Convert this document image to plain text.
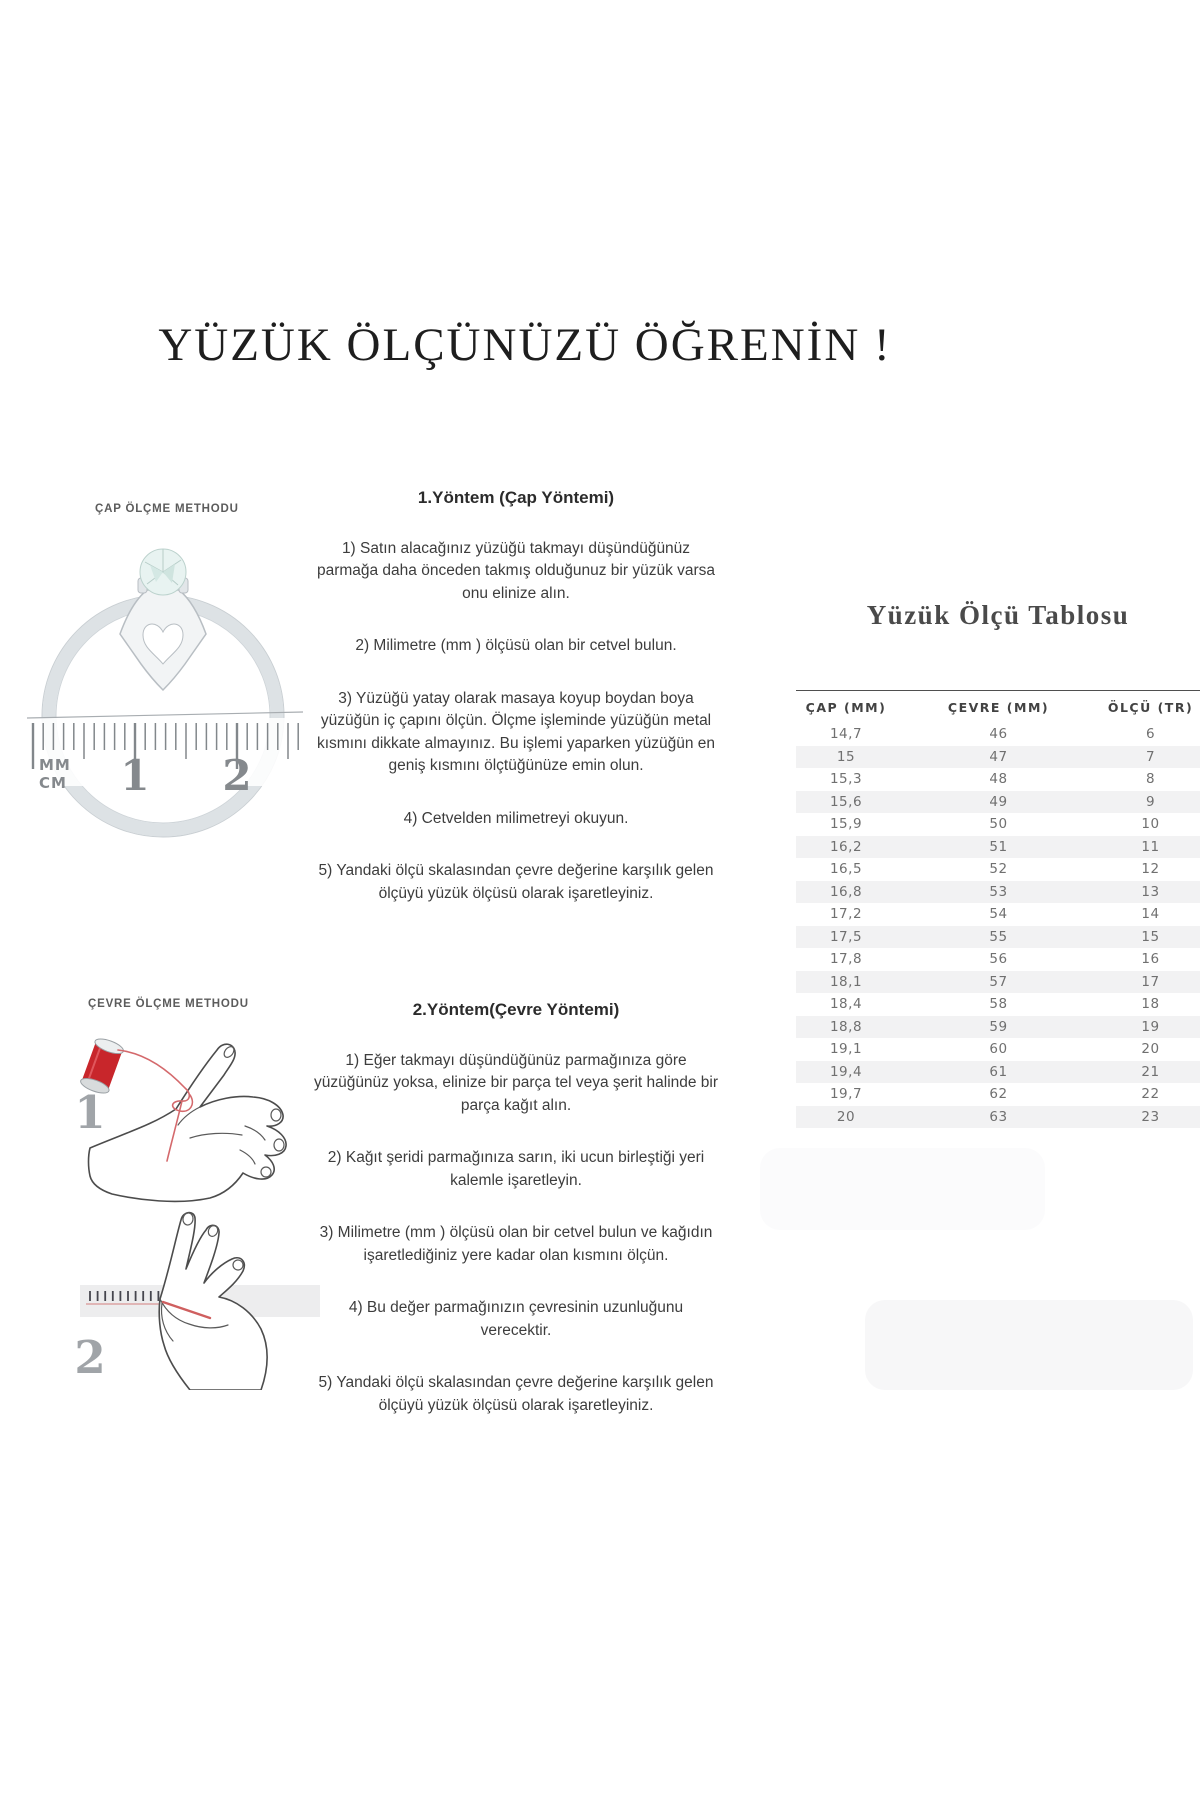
YÜZÜK ÖLÇÜNÜZÜ ÖĞRENİN !
ÇAP ÖLÇME METHODU
ÇEVRE ÖLÇME METHODU
MM
CM 1 2
1.Yöntem (Çap Yöntemi)

1) Satın alacağınız yüzüğü takmayı düşündüğünüz parmağa daha önceden takmış olduğunuz bir yüzük varsa onu elinize alın.

2) Milimetre (mm ) ölçüsü olan bir cetvel bulun.

3) Yüzüğü yatay olarak masaya koyup boydan boya yüzüğün iç çapını ölçün. Ölçme işleminde yüzüğün metal kısmını dikkate almayınız. Bu işlemi yaparken yüzüğün en geniş kısmını ölçtüğünüze emin olun.

4) Cetvelden milimetreyi okuyun.

5) Yandaki ölçü skalasından çevre değerine karşılık gelen ölçüyü yüzük ölçüsü olarak işaretleyiniz.

Yüzük Ölçü Tablosu
ÇAP (MM)	ÇEVRE (MM)	ÖLÇÜ (TR)
14,7	46	6
15	47	7
15,3	48	8
15,6	49	9
15,9	50	10
16,2	51	11
16,5	52	12
16,8	53	13
17,2	54	14
17,5	55	15
17,8	56	16
18,1	57	17
18,4	58	18
18,8	59	19
19,1	60	20
19,4	61	21
19,7	62	22
20	63	23
1
2
2.Yöntem(Çevre Yöntemi)

1) Eğer takmayı düşündüğünüz parmağınıza göre yüzüğünüz yoksa, elinize bir parça tel veya şerit halinde bir parça kağıt alın.

2) Kağıt şeridi parmağınıza sarın, iki ucun birleştiği yeri kalemle işaretleyin.

3) Milimetre (mm ) ölçüsü olan bir cetvel bulun ve kağıdın işaretlediğiniz yere kadar olan kısmını ölçün.

4) Bu değer parmağınızın çevresinin uzunluğunu verecektir.

5) Yandaki ölçü skalasından çevre değerine karşılık gelen ölçüyü yüzük ölçüsü olarak işaretleyiniz.
